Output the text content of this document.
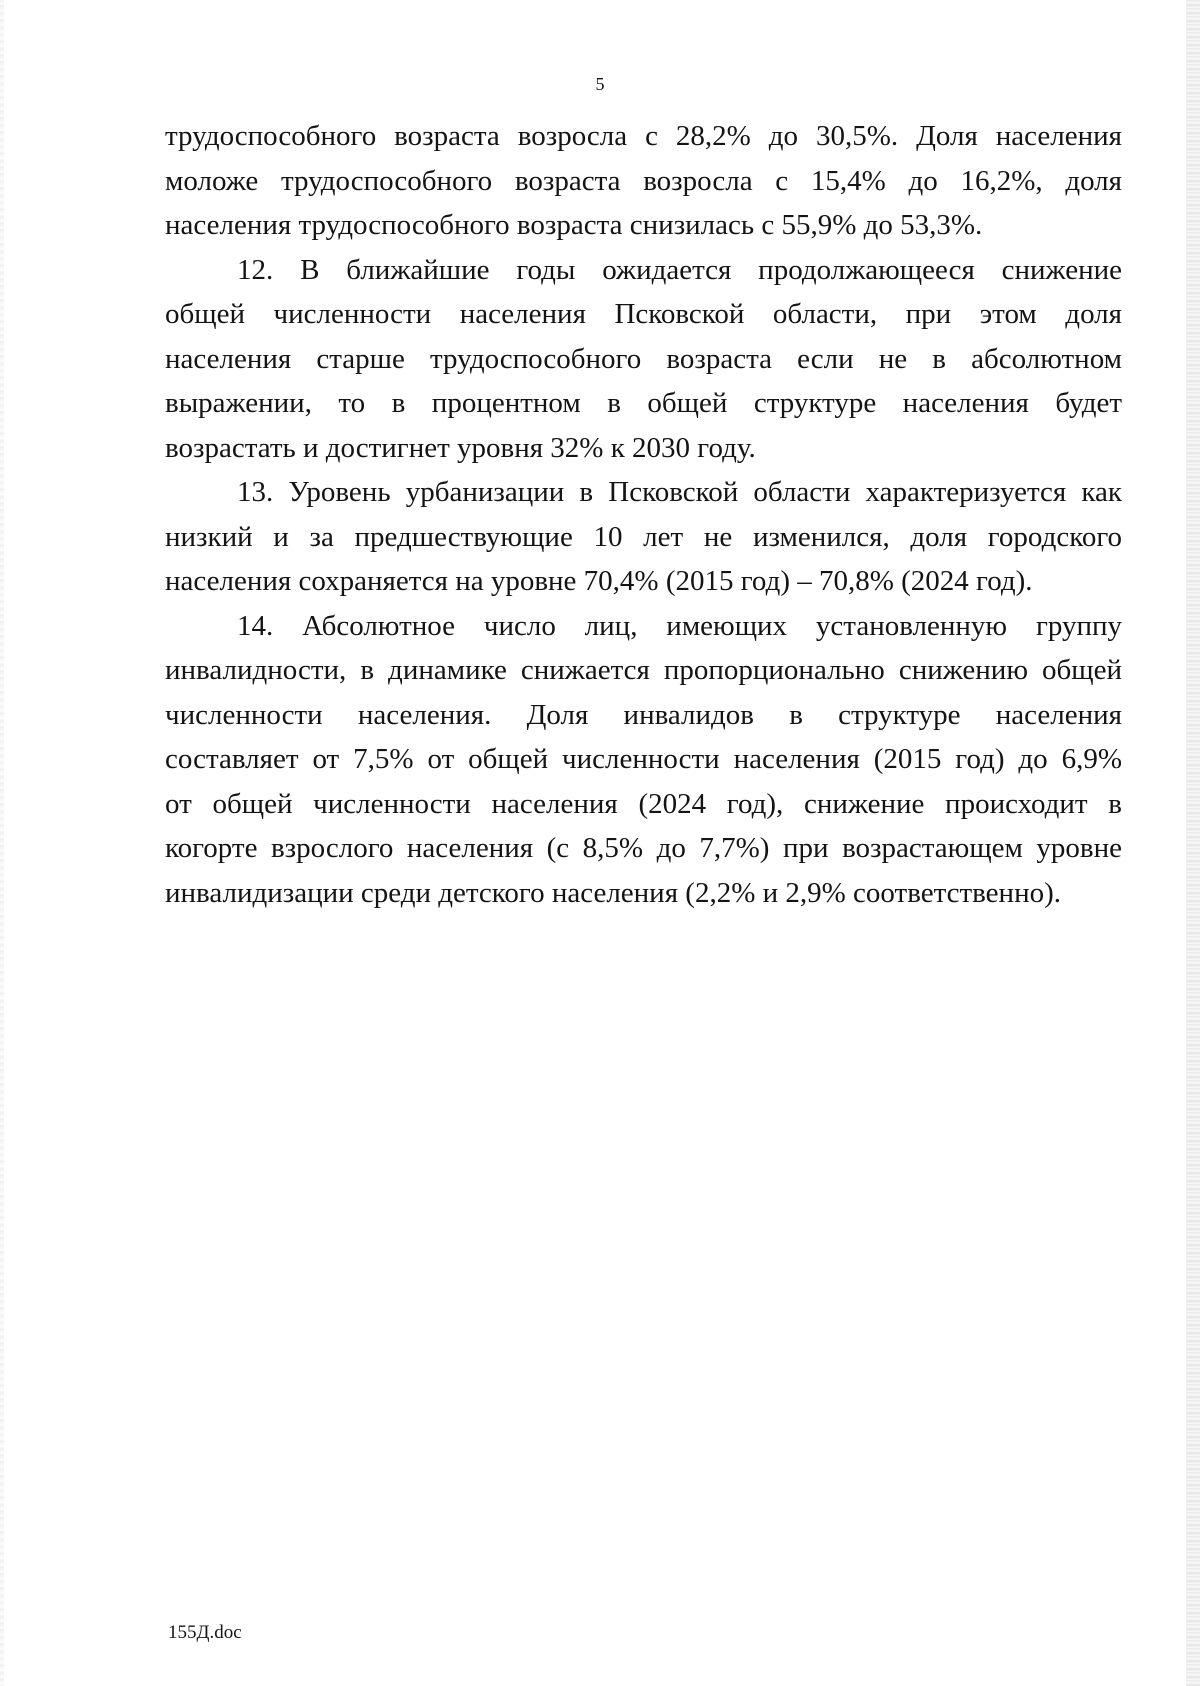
5
трудоспособного возраста возросла с 28,2% до 30,5%. Доля населения
моложе трудоспособного возраста возросла с 15,4% до 16,2%, доля
населения трудоспособного возраста снизилась с 55,9% до 53,3%.
12. В ближайшие годы ожидается продолжающееся снижение
общей численности населения Псковской области, при этом доля
населения старше трудоспособного возраста если не в абсолютном
выражении, то в процентном в общей структуре населения будет
возрастать и достигнет уровня 32% к 2030 году.
13. Уровень урбанизации в Псковской области характеризуется как
низкий и за предшествующие 10 лет не изменился, доля городского
населения сохраняется на уровне 70,4% (2015 год) – 70,8% (2024 год).
14. Абсолютное число лиц, имеющих установленную группу
инвалидности, в динамике снижается пропорционально снижению общей
численности населения. Доля инвалидов в структуре населения
составляет от 7,5% от общей численности населения (2015 год) до 6,9%
от общей численности населения (2024 год), снижение происходит в
когорте взрослого населения (с 8,5% до 7,7%) при возрастающем уровне
инвалидизации среди детского населения (2,2% и 2,9% соответственно).
155Д.doc
